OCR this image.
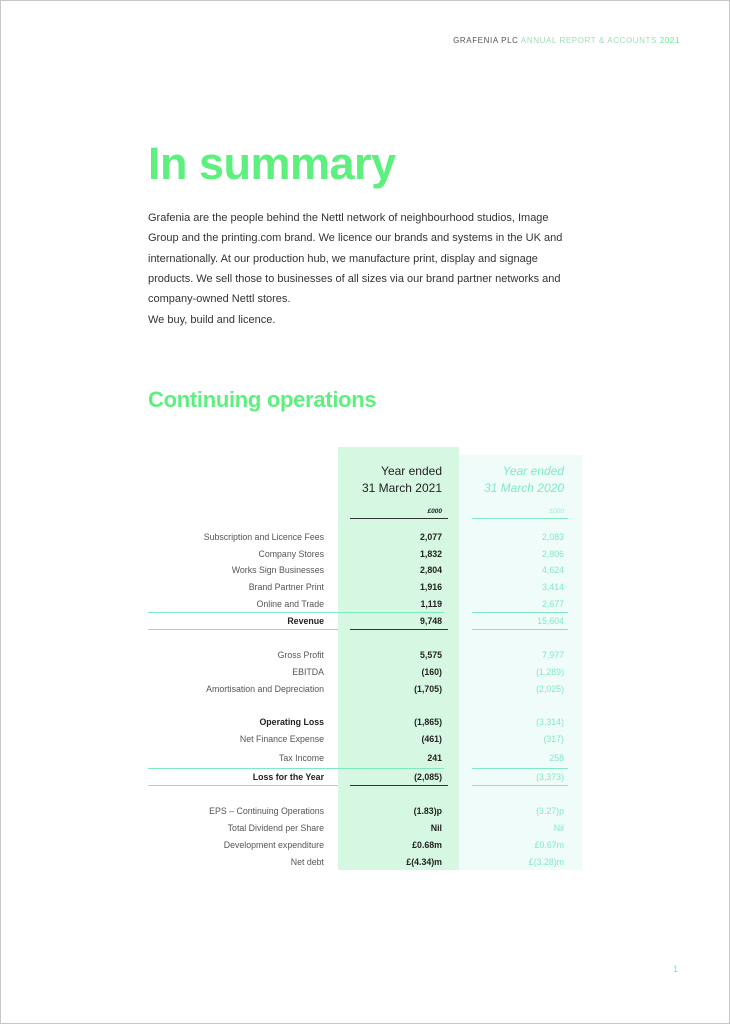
GRAFENIA PLC ANNUAL REPORT & ACCOUNTS 2021
In summary

Grafenia are the people behind the Nettl network of neighbourhood studios, Image Group and the printing.com brand. We licence our brands and systems in the UK and internationally. At our production hub, we manufacture print, display and signage products. We sell those to businesses of all sizes via our brand partner networks and company-owned Nettl stores.

We buy, build and licence.

Continuing operations
Year ended
31 March 2021
Year ended
31 March 2020
£000	£000
Subscription and Licence Fees	2,077	2,083
Company Stores	1,832	2,806
Works Sign Businesses	2,804	4,624
Brand Partner Print	1,916	3,414
Online and Trade	1,119	2,677
Revenue	9,748	15,604
Gross Profit	5,575	7,977
EBITDA	(160)	(1,289)
Amortisation and Depreciation	(1,705)	(2,025)
Operating Loss	(1,865)	(3,314)
Net Finance Expense	(461)	(317)
Tax Income	241	258
Loss for the Year	(2,085)	(3,373)
EPS – Continuing Operations	(1.83)p	(3.27)p
Total Dividend per Share	Nil	Nil
Development expenditure	£0.68m	£0.67m
Net debt	£(4.34)m	£(3.28)m
1
